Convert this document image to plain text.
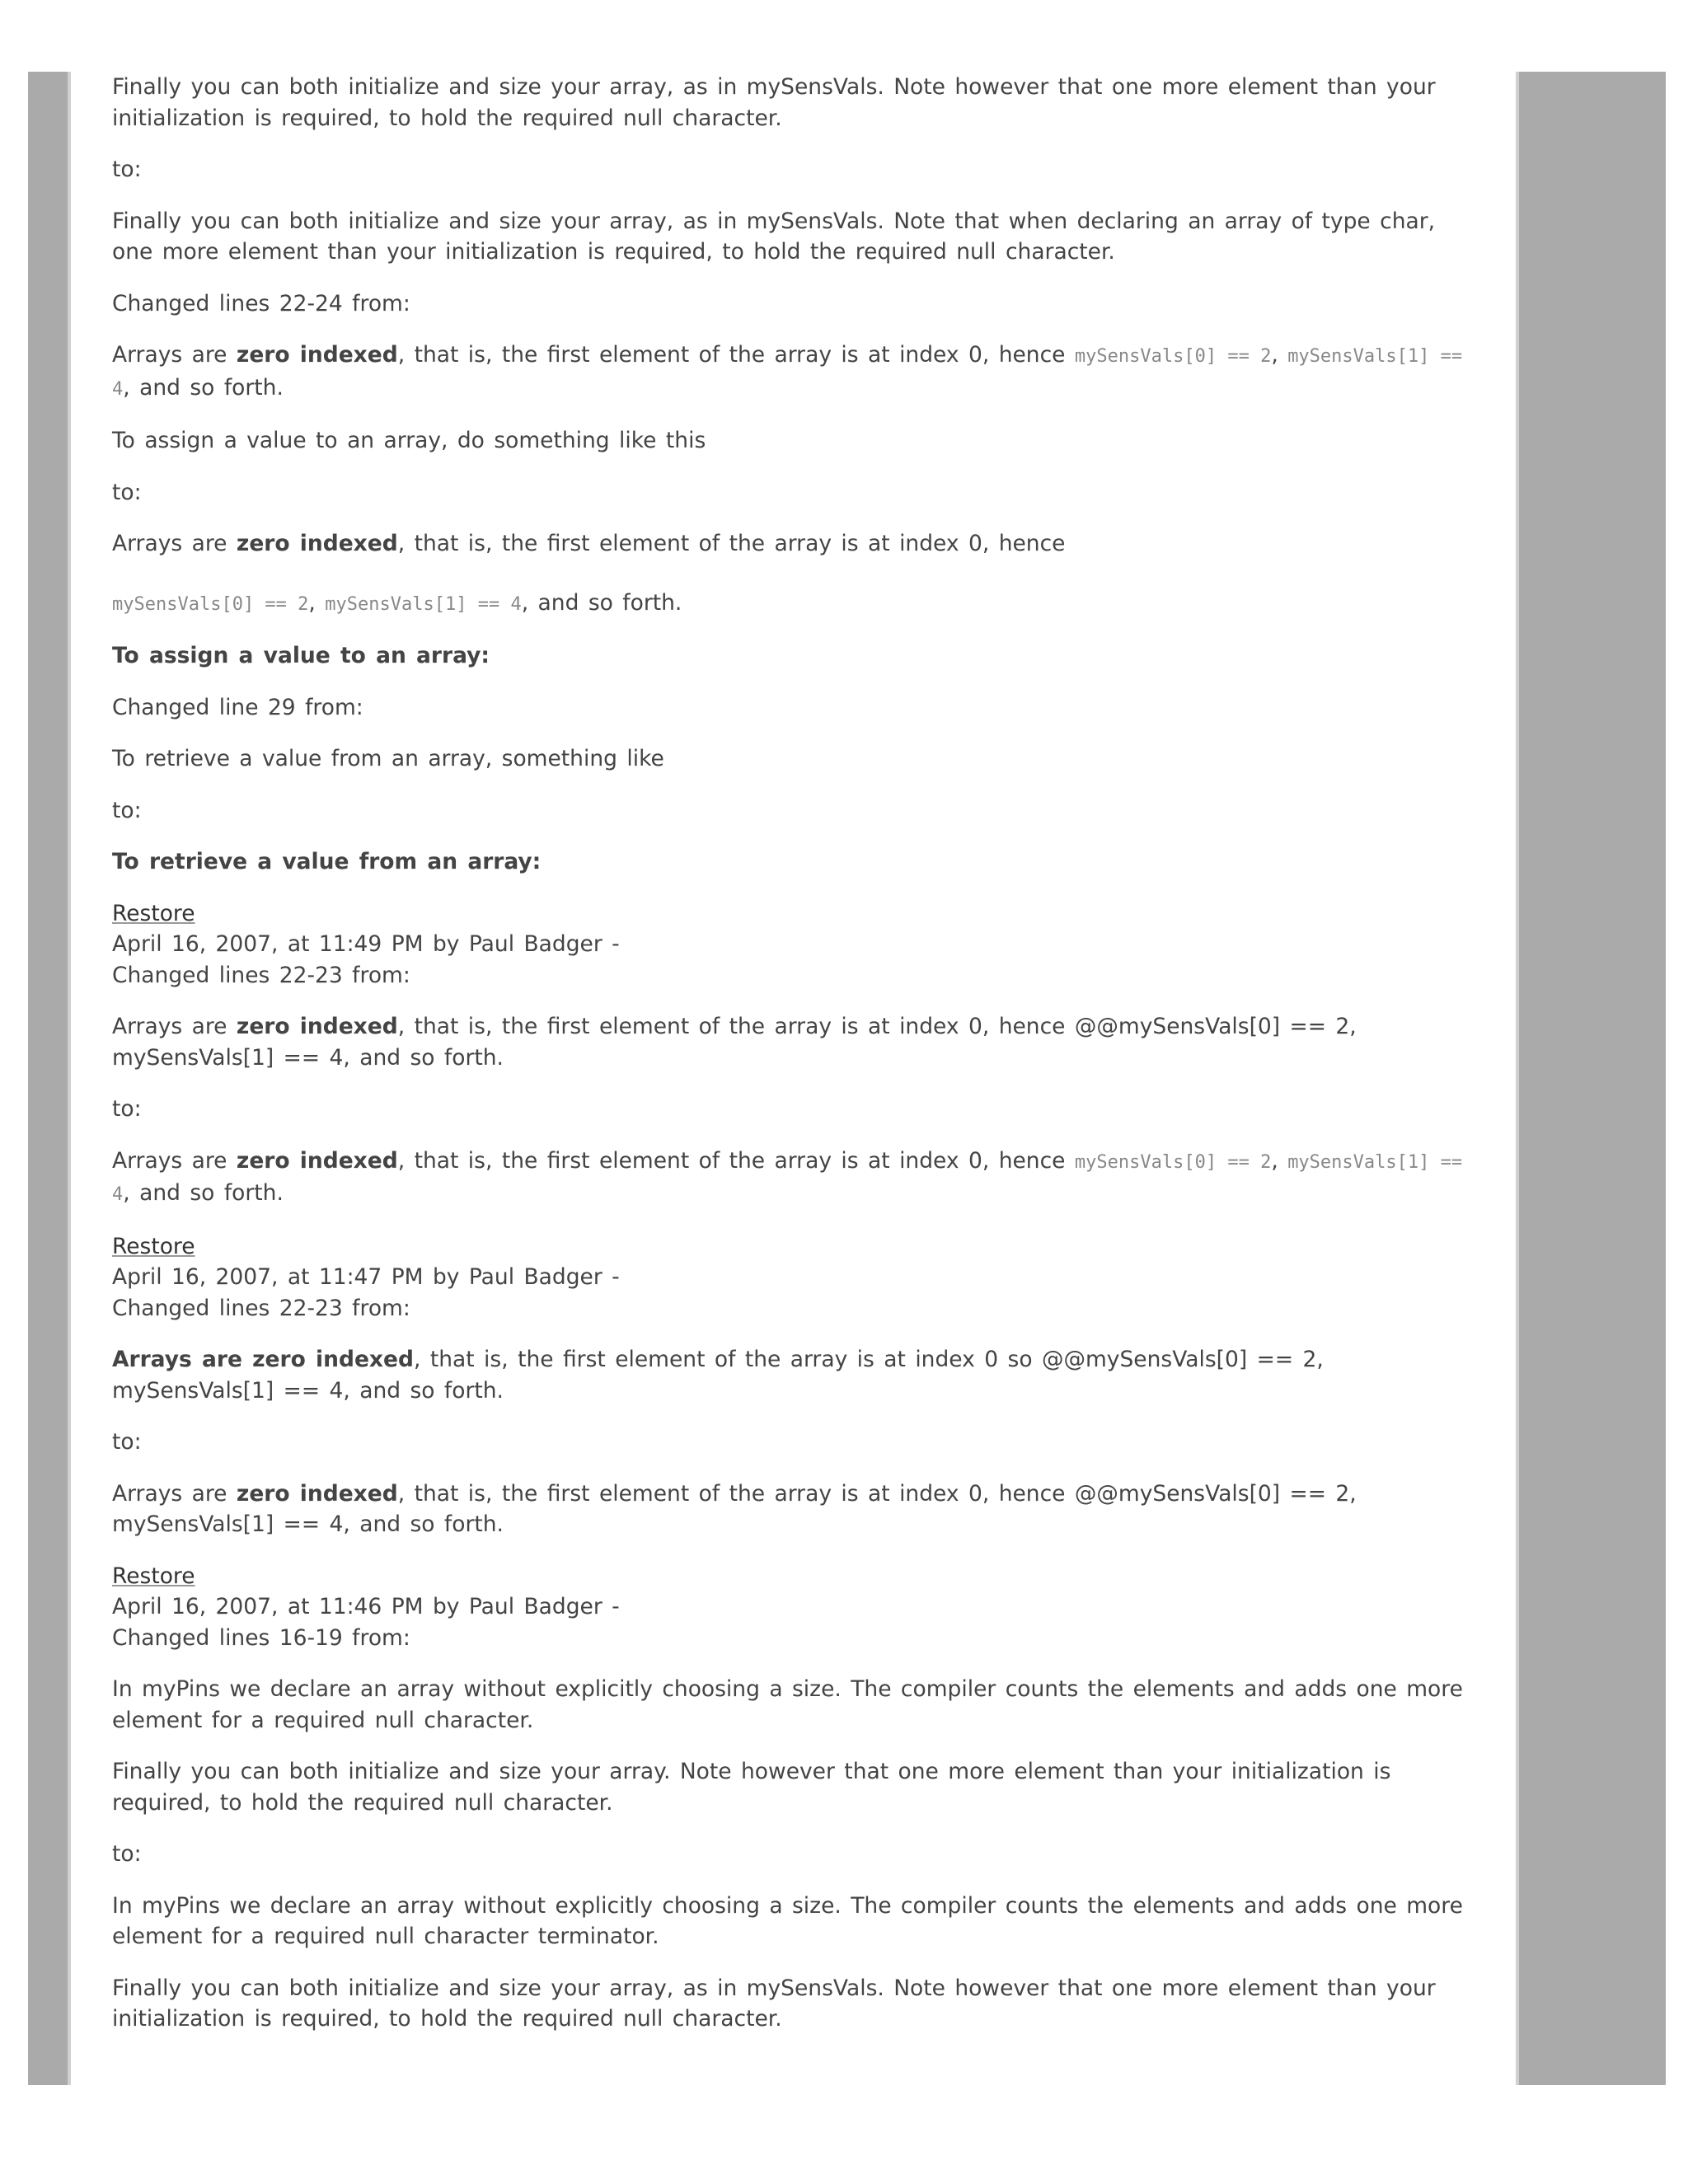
Finally you can both initialize and size your array, as in mySensVals. Note however that one more element than your initialization is required, to hold the required null character.

to:

Finally you can both initialize and size your array, as in mySensVals. Note that when declaring an array of type char, one more element than your initialization is required, to hold the required null character.

Changed lines 22-24 from:

Arrays are zero indexed, that is, the first element of the array is at index 0, hence mySensVals[0] == 2, mySensVals[1] == 4, and so forth.

To assign a value to an array, do something like this

to:

Arrays are zero indexed, that is, the first element of the array is at index 0, hence

mySensVals[0] == 2, mySensVals[1] == 4, and so forth.

To assign a value to an array:

Changed line 29 from:

To retrieve a value from an array, something like

to:

To retrieve a value from an array:

Restore

April 16, 2007, at 11:49 PM by Paul Badger -

Changed lines 22-23 from:

Arrays are zero indexed, that is, the first element of the array is at index 0, hence @@mySensVals[0] == 2, mySensVals[1] == 4, and so forth.

to:

Arrays are zero indexed, that is, the first element of the array is at index 0, hence mySensVals[0] == 2, mySensVals[1] == 4, and so forth.

Restore

April 16, 2007, at 11:47 PM by Paul Badger -

Changed lines 22-23 from:

Arrays are zero indexed, that is, the first element of the array is at index 0 so @@mySensVals[0] == 2, mySensVals[1] == 4, and so forth.

to:

Arrays are zero indexed, that is, the first element of the array is at index 0, hence @@mySensVals[0] == 2, mySensVals[1] == 4, and so forth.

Restore

April 16, 2007, at 11:46 PM by Paul Badger -

Changed lines 16-19 from:

In myPins we declare an array without explicitly choosing a size. The compiler counts the elements and adds one more element for a required null character.

Finally you can both initialize and size your array. Note however that one more element than your initialization is required, to hold the required null character.

to:

In myPins we declare an array without explicitly choosing a size. The compiler counts the elements and adds one more element for a required null character terminator.

Finally you can both initialize and size your array, as in mySensVals. Note however that one more element than your initialization is required, to hold the required null character.
